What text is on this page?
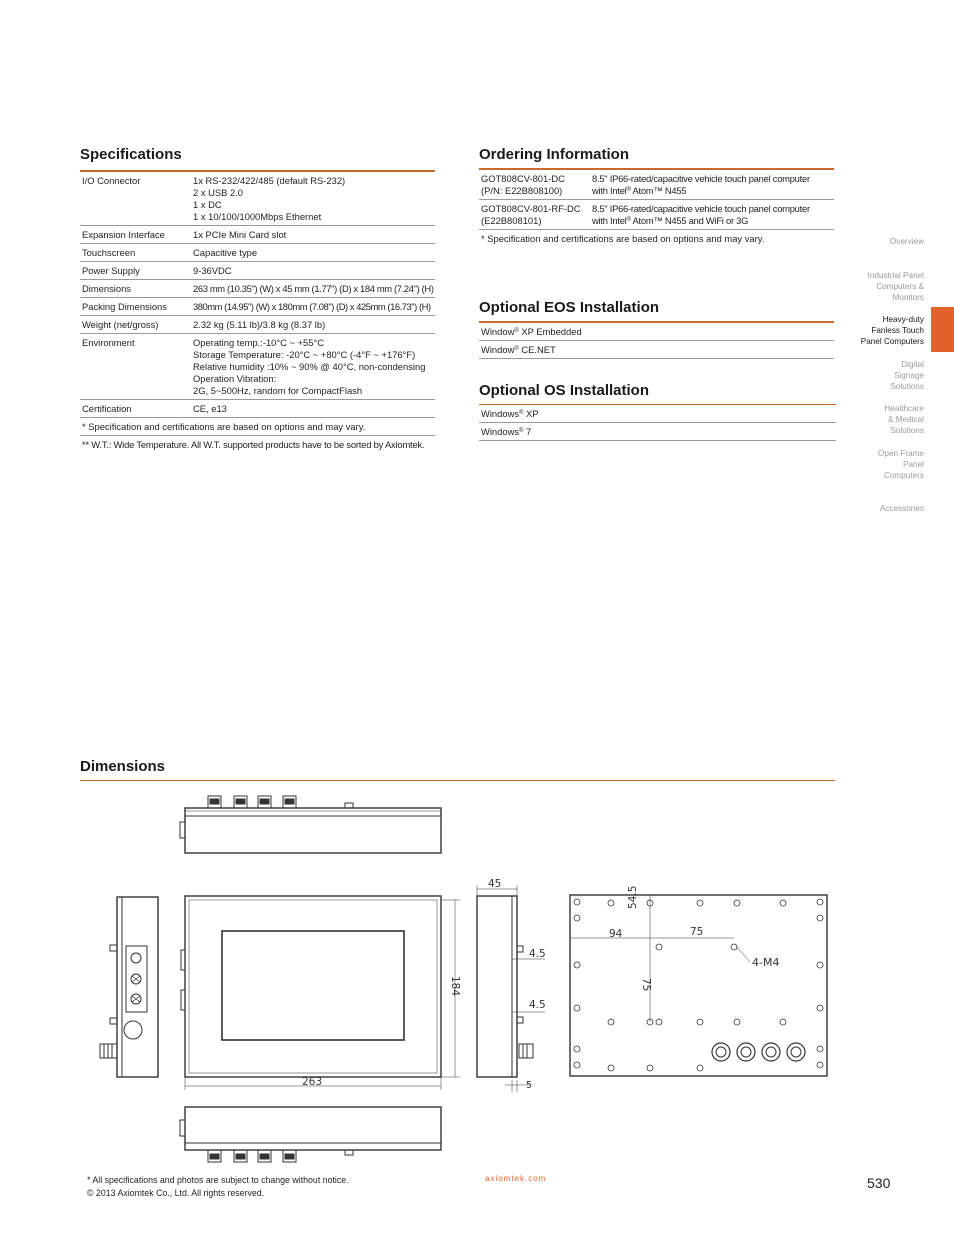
Specifications
I/O Connector	1x RS-232/422/485 (default RS-232)
2 x USB 2.0
1 x DC
1 x 10/100/1000Mbps Ethernet
Expansion Interface	1x PCIe Mini Card slot
Touchscreen	Capacitive type
Power Supply	9-36VDC
Dimensions	263 mm (10.35") (W) x 45 mm (1.77") (D) x 184 mm (7.24") (H)
Packing Dimensions	380mm (14.95") (W) x 180mm (7.08") (D) x 425mm (16.73") (H)
Weight (net/gross)	2.32 kg (5.11 lb)/3.8 kg (8.37 lb)
Environment	Operating temp.:-10°C ~ +55°C
Storage Temperature: -20°C ~ +80°C (-4°F ~ +176°F)
Relative humidity :10% ~ 90% @ 40°C, non-condensing
Operation Vibration:
2G, 5~500Hz, random for CompactFlash
Certification	CE, e13
* Specification and certifications are based on options and may vary.	
** W.T.: Wide Temperature. All W.T. supported products have to be sorted by Axiomtek.	
Ordering Information
GOT808CV-801-DC
(P/N: E22B808100)	8.5" IP66-rated/capacitive vehicle touch panel computer
with Intel® Atom™ N455
GOT808CV-801-RF-DC
(E22B808101)	8.5" IP66-rated/capacitive vehicle touch panel computer
with Intel® Atom™ N455 and WiFi or 3G
* Specification and certifications are based on options and may vary.	
Optional EOS Installation
Window® XP Embedded
Window® CE.NET
Optional OS Installation
Windows® XP
Windows® 7
Overview
Industrial Panel
Computers &
Monitors
Heavy-duty
Fanless Touch
Panel Computers
Digital
Signage
Solutions
Healthcare
& Medical
Solutions
Open Frame
Panel
Computers
Accessories
Dimensions
45
4.5
4.5
184
263	5
54.5
94	75
75
4-M4
* All specifications and photos are subject to change without notice.
© 2013 Axiomtek Co., Ltd. All rights reserved.
axiomtek.com	530
